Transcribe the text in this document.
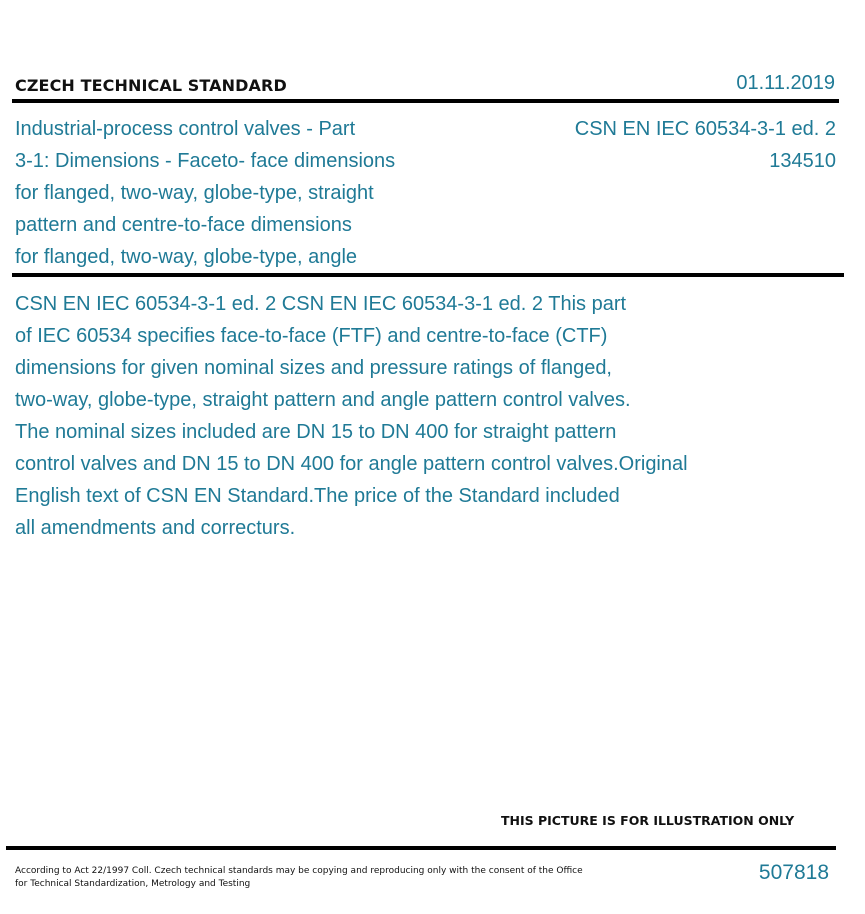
CZECH TECHNICAL STANDARD	01.11.2019
Industrial-process control valves - Part
3-1: Dimensions - Faceto- face dimensions
for flanged, two-way, globe-type, straight
pattern and centre-to-face dimensions
for flanged, two-way, globe-type, angle
CSN EN IEC 60534-3-1 ed. 2
134510
CSN EN IEC 60534-3-1 ed. 2 CSN EN IEC 60534-3-1 ed. 2 This part
of IEC 60534 specifies face-to-face (FTF) and centre-to-face (CTF)
dimensions for given nominal sizes and pressure ratings of flanged,
two-way, globe-type, straight pattern and angle pattern control valves.
The nominal sizes included are DN 15 to DN 400 for straight pattern
control valves and DN 15 to DN 400 for angle pattern control valves.Original
English text of CSN EN Standard.The price of the Standard included
all amendments and correcturs.
THIS PICTURE IS FOR ILLUSTRATION ONLY
According to Act 22/1997 Coll. Czech technical standards may be copying and reproducing only with the consent of the Office
for Technical Standardization, Metrology and Testing	507818
